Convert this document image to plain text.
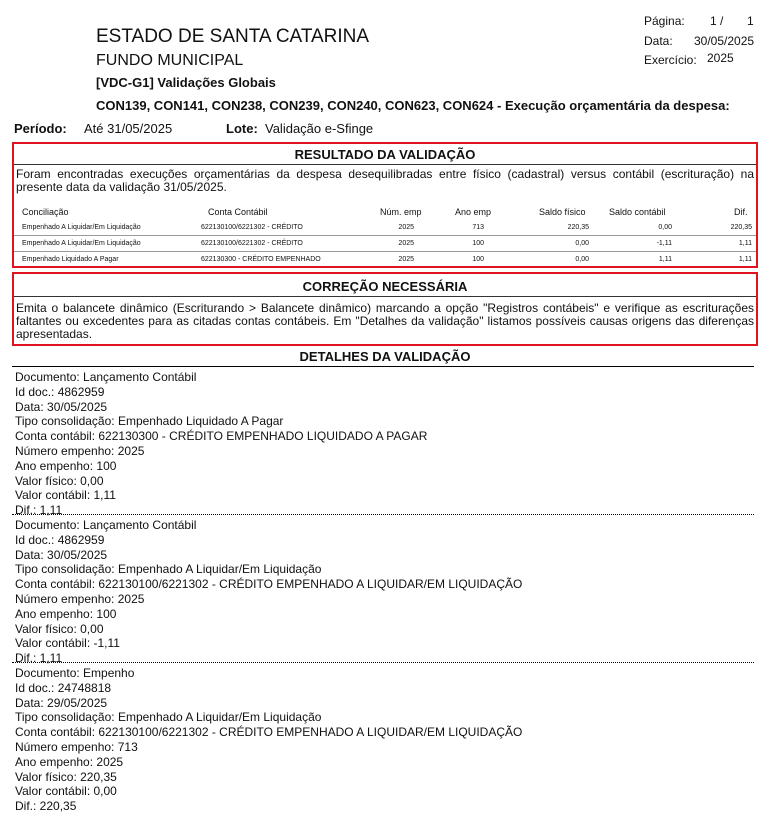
ESTADO DE SANTA CATARINA
FUNDO MUNICIPAL
[VDC-G1] Validações Globais
CON139, CON141, CON238, CON239, CON240, CON623, CON624 - Execução orçamentária da despesa:
Página: 1 / 1
Data: 30/05/2025
Exercício: 2025
Período: Até 31/05/2025	Lote: Validação e-Sfinge
RESULTADO DA VALIDAÇÃO
Foram encontradas execuções orçamentárias da despesa desequilibradas entre físico (cadastral) versus contábil (escrituração) na presente data da validação 31/05/2025.
Conciliação	Conta Contábil	Núm. emp	Ano emp	Saldo físico	Saldo contábil	Dif.
Empenhado A Liquidar/Em Liquidação	622130100/6221302 - CRÉDITO	2025	713	220,35	0,00	220,35
Empenhado A Liquidar/Em Liquidação	622130100/6221302 - CRÉDITO	2025	100	0,00	-1,11	1,11
Empenhado Liquidado A Pagar	622130300 - CRÉDITO EMPENHADO	2025	100	0,00	1,11	1,11
CORREÇÃO NECESSÁRIA
Emita o balancete dinâmico (Escriturando > Balancete dinâmico) marcando a opção "Registros contábeis" e verifique as escriturações faltantes ou excedentes para as citadas contas contábeis. Em "Detalhes da validação" listamos possíveis causas origens das diferenças apresentadas.
DETALHES DA VALIDAÇÃO
Documento: Lançamento Contábil
Id doc.: 4862959
Data: 30/05/2025
Tipo consolidação: Empenhado Liquidado A Pagar
Conta contábil: 622130300 - CRÉDITO EMPENHADO LIQUIDADO A PAGAR
Número empenho: 2025
Ano empenho: 100
Valor físico: 0,00
Valor contábil: 1,11
Dif.: 1,11
Documento: Lançamento Contábil
Id doc.: 4862959
Data: 30/05/2025
Tipo consolidação: Empenhado A Liquidar/Em Liquidação
Conta contábil: 622130100/6221302 - CRÉDITO EMPENHADO A LIQUIDAR/EM LIQUIDAÇÃO
Número empenho: 2025
Ano empenho: 100
Valor físico: 0,00
Valor contábil: -1,11
Dif.: 1,11
Documento: Empenho
Id doc.: 24748818
Data: 29/05/2025
Tipo consolidação: Empenhado A Liquidar/Em Liquidação
Conta contábil: 622130100/6221302 - CRÉDITO EMPENHADO A LIQUIDAR/EM LIQUIDAÇÃO
Número empenho: 713
Ano empenho: 2025
Valor físico: 220,35
Valor contábil: 0,00
Dif.: 220,35
